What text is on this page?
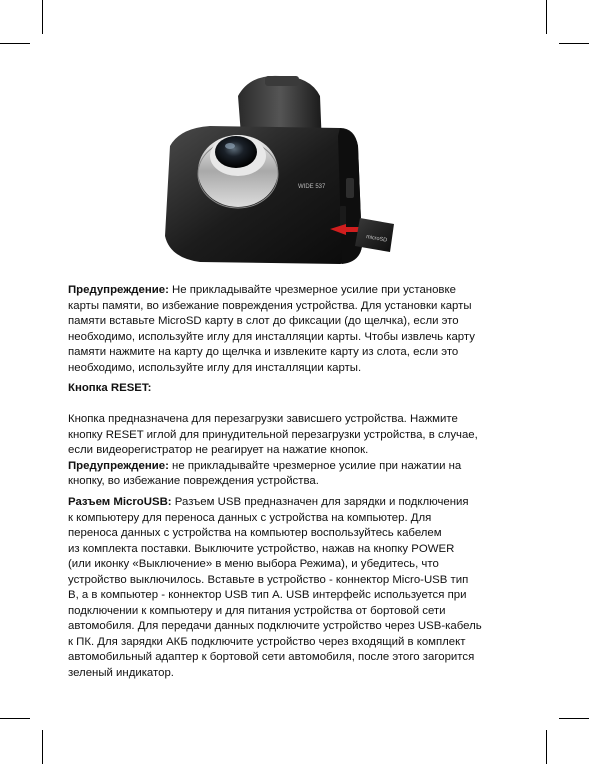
WIDE 537
microSD
Предупреждение: Не прикладывайте чрезмерное усилие при установке
карты памяти, во избежание повреждения устройства. Для установки карты
памяти вставьте MicroSD карту в слот до фиксации (до щелчка), если это
необходимо, используйте иглу для инсталляции карты. Чтобы извлечь карту
памяти нажмите на карту до щелчка и извлеките карту из слота, если это
необходимо, используйте иглу для инсталляции карты.
Кнопка RESET:
Кнопка предназначена для перезагрузки зависшего устройства. Нажмите
кнопку RESET иглой для принудительной перезагрузки устройства, в случае,
если видеорегистратор не реагирует на нажатие кнопок.
Предупреждение: не прикладывайте чрезмерное усилие при нажатии на
кнопку, во избежание повреждения устройства.
Разъем MicroUSB: Разъем USB предназначен для зарядки и подключения
к компьютеру для переноса данных с устройства на компьютер. Для
переноса данных с устройства на компьютер воспользуйтесь кабелем
из комплекта поставки. Выключите устройство, нажав на кнопку POWER
(или иконку «Выключение» в меню выбора Режима), и убедитесь, что
устройство выключилось. Вставьте в устройство - коннектор Micro-USB тип
B, а в компьютер - коннектор USB тип A. USB интерфейс используется при
подключении к компьютеру и для питания устройства от бортовой сети
автомобиля. Для передачи данных подключите устройство через USB-кабель
к ПК. Для зарядки АКБ подключите устройство через входящий в комплект
автомобильный адаптер к бортовой сети автомобиля, после этого загорится
зеленый индикатор.
